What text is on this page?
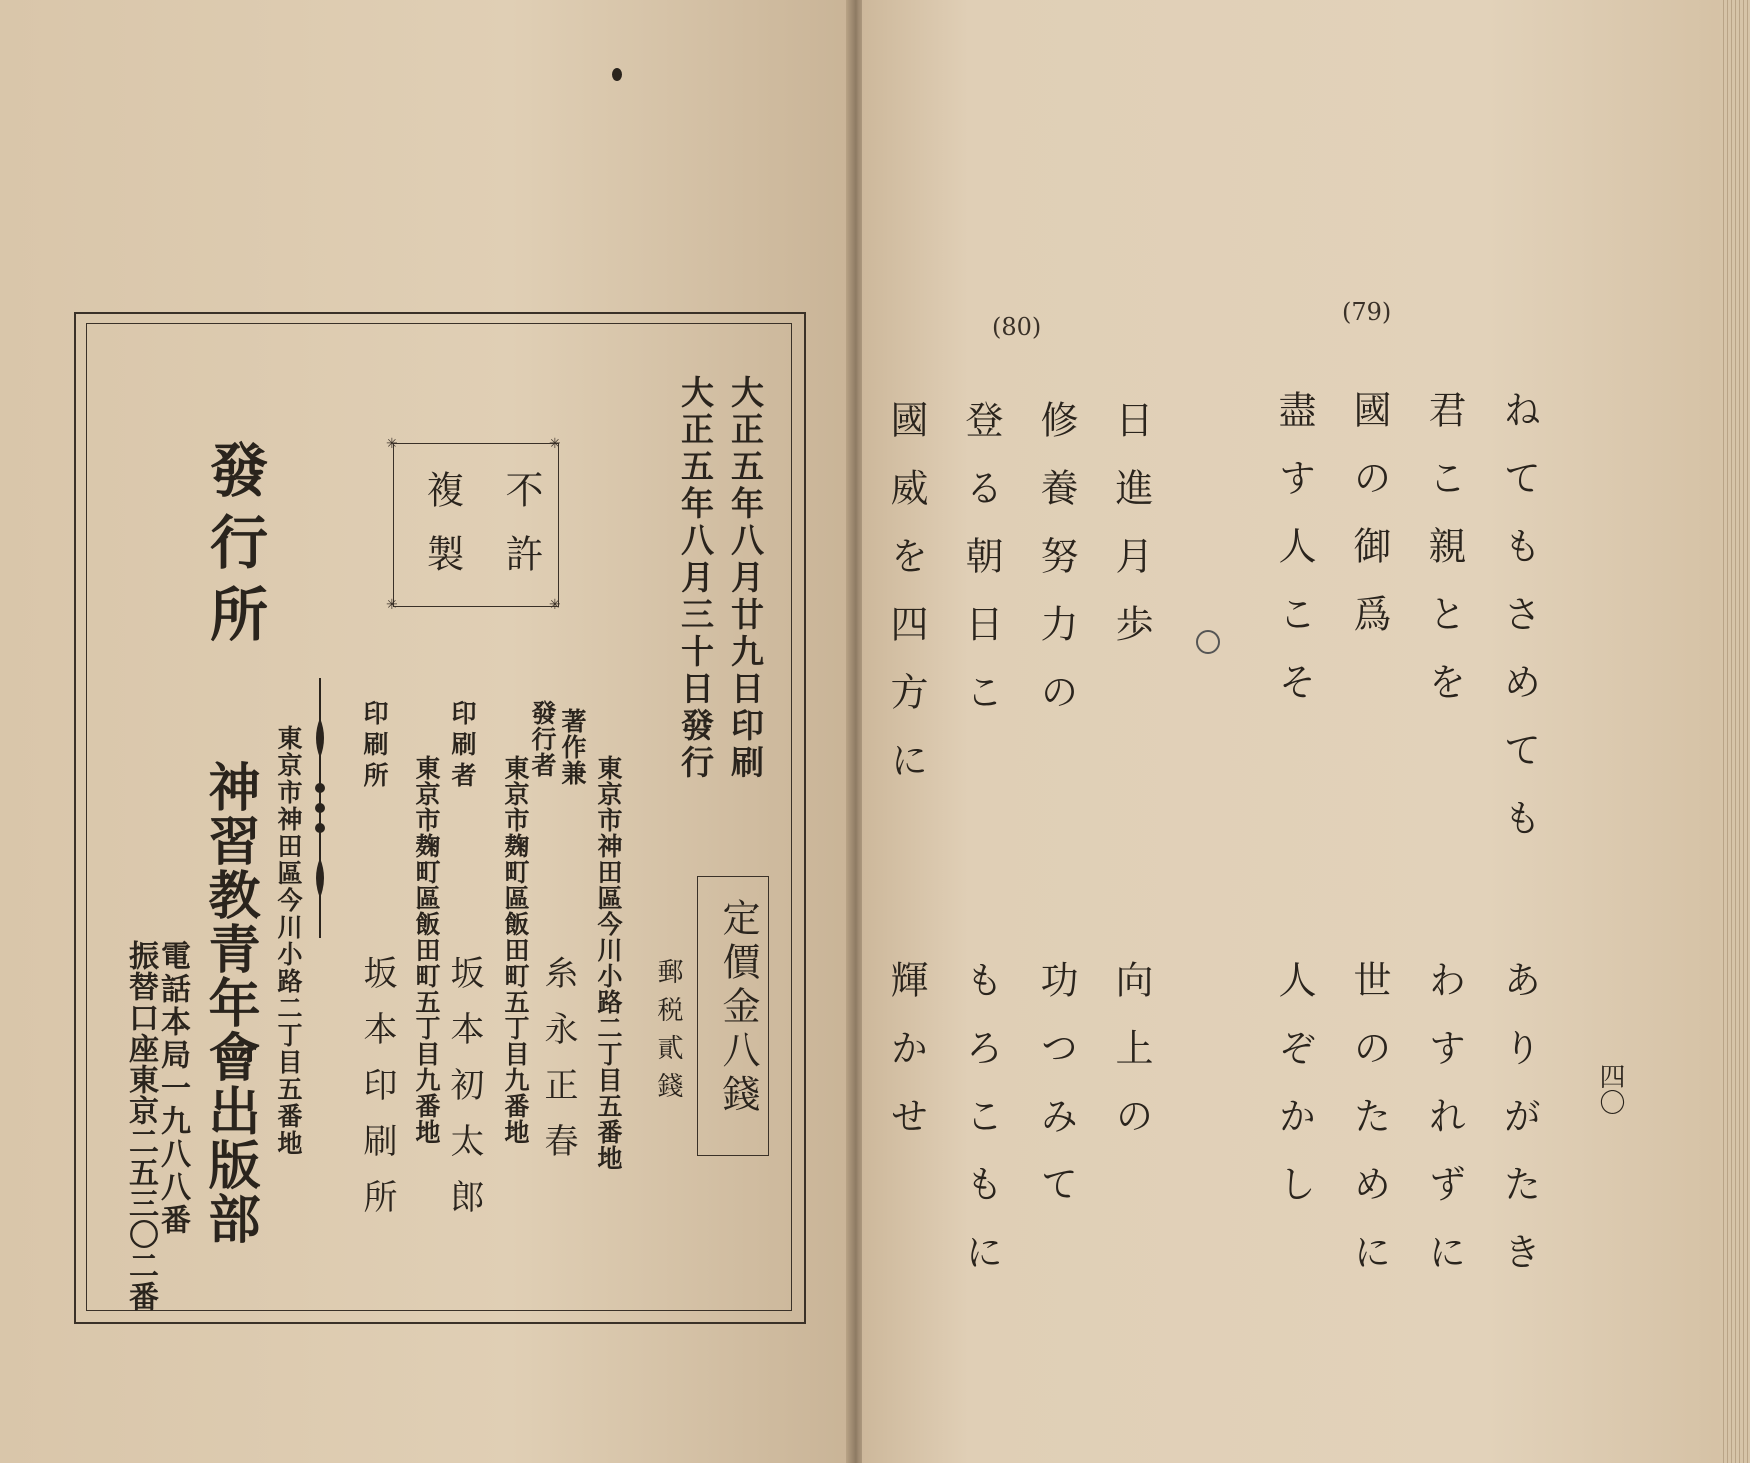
大正五年八月廿九日印刷
大正五年八月三十日發行
✳	✳
✳	✳
不許
複製
定價金八錢
郵税貳錢
東京市神田區今川小路二丁目五番地
著作兼
發行者
糸永正春
東京市麹町區飯田町五丁目九番地
印刷者
坂本初太郎
東京市麹町區飯田町五丁目九番地
印刷所
坂本印刷所
發行所
東京市神田區今川小路二丁目五番地
神習教青年會出版部
電話本局一九八八番
振替口座東京二五三〇二番
(79)
(80)
四〇
ねてもさめても
ありがたき
君こ親とを
わすれずに
國の御爲
世のために
盡す人こそ
人ぞかし
日進月歩
向上の
修養努力の
功つみて
登る朝日こ
もろこもに
國威を四方に
輝かせ
